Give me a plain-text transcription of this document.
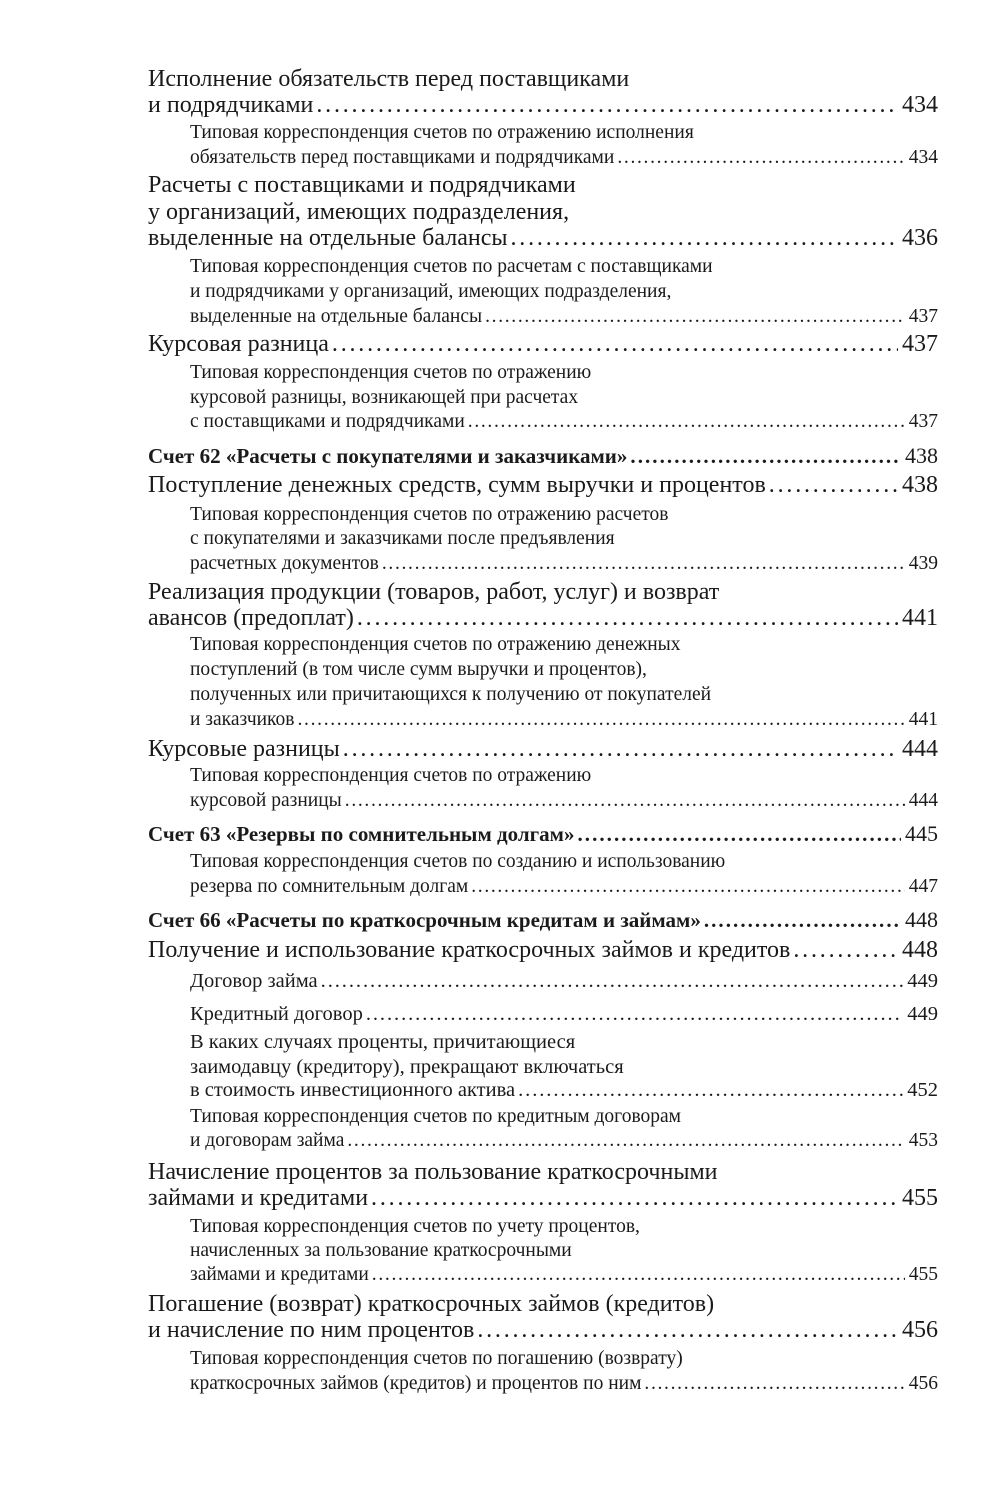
Исполнение обязательств перед поставщиками
и подрядчиками . . .	434
Типовая корреспонденция счетов по отражению исполнения
обязательств перед поставщиками и подрядчиками . . .	434
Расчеты с поставщиками и подрядчиками
у организаций, имеющих подразделения,
выделенные на отдельные балансы . . .	436
Типовая корреспонденция счетов по расчетам с поставщиками
и подрядчиками у организаций, имеющих подразделения,
выделенные на отдельные балансы . . .	437
Курсовая разница . . .	437
Типовая корреспонденция счетов по отражению
курсовой разницы, возникающей при расчетах
с поставщиками и подрядчиками . . .	437
Счет 62 «Расчеты с покупателями и заказчиками» . . .	438
Поступление денежных средств, сумм выручки и процентов . . .	438
Типовая корреспонденция счетов по отражению расчетов
с покупателями и заказчиками после предъявления
расчетных документов . . .	439
Реализация продукции (товаров, работ, услуг) и возврат
авансов (предоплат) . . .	441
Типовая корреспонденция счетов по отражению денежных
поступлений (в том числе сумм выручки и процентов),
полученных или причитающихся к получению от покупателей
и заказчиков . . .	441
Курсовые разницы . . .	444
Типовая корреспонденция счетов по отражению
курсовой разницы . . .	444
Счет 63 «Резервы по сомнительным долгам» . . .	445
Типовая корреспонденция счетов по созданию и использованию
резерва по сомнительным долгам . . .	447
Счет 66 «Расчеты по краткосрочным кредитам и займам» . . .	448
Получение и использование краткосрочных займов и кредитов . . .	448
Договор займа . . .	449
Кредитный договор . . .	449
В каких случаях проценты, причитающиеся
заимодавцу (кредитору), прекращают включаться
в стоимость инвестиционного актива . . .	452
Типовая корреспонденция счетов по кредитным договорам
и договорам займа . . .	453
Начисление процентов за пользование краткосрочными
займами и кредитами . . .	455
Типовая корреспонденция счетов по учету процентов,
начисленных за пользование краткосрочными
займами и кредитами . . .	455
Погашение (возврат) краткосрочных займов (кредитов)
и начисление по ним процентов . . .	456
Типовая корреспонденция счетов по погашению (возврату)
краткосрочных займов (кредитов) и процентов по ним . . .	456
